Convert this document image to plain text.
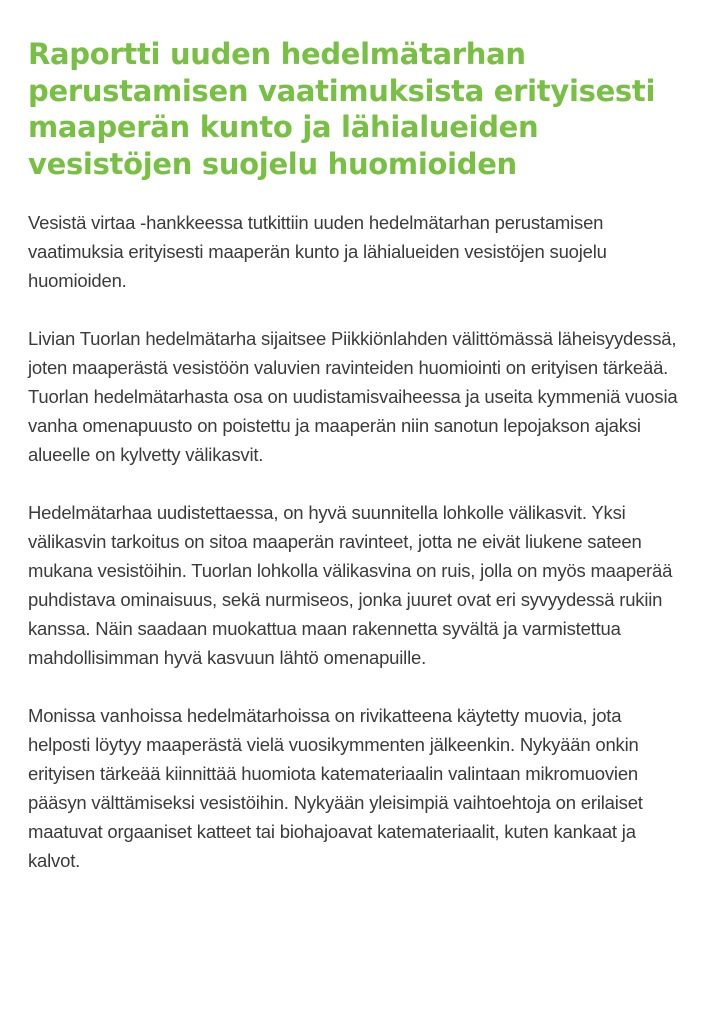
Raportti uuden hedelmätarhan perustamisen vaatimuksista erityisesti maaperän kunto ja lähialueiden vesistöjen suojelu huomioiden

Vesistä virtaa -hankkeessa tutkittiin uuden hedelmätarhan perustamisen vaatimuksia erityisesti maaperän kunto ja lähialueiden vesistöjen suojelu huomioiden.

Livian Tuorlan hedelmätarha sijaitsee Piikkiönlahden välittömässä läheisyydessä, joten maaperästä vesistöön valuvien ravinteiden huomiointi on erityisen tärkeää. Tuorlan hedelmätarhasta osa on uudistamisvaiheessa ja useita kymmeniä vuosia vanha omenapuusto on poistettu ja maaperän niin sanotun lepojakson ajaksi alueelle on kylvetty välikasvit.

Hedelmätarhaa uudistettaessa, on hyvä suunnitella lohkolle välikasvit. Yksi välikasvin tarkoitus on sitoa maaperän ravinteet, jotta ne eivät liukene sateen mukana vesistöihin. Tuorlan lohkolla välikasvina on ruis, jolla on myös maaperää puhdistava ominaisuus, sekä nurmiseos, jonka juuret ovat eri syvyydessä rukiin kanssa. Näin saadaan muokattua maan rakennetta syvältä ja varmistettua mahdollisimman hyvä kasvuun lähtö omenapuille.

Monissa vanhoissa hedelmätarhoissa on rivikatteena käytetty muovia, jota helposti löytyy maaperästä vielä vuosikymmenten jälkeenkin. Nykyään onkin erityisen tärkeää kiinnittää huomiota katemateriaalin valintaan mikromuovien pääsyn välttämiseksi vesistöihin. Nykyään yleisimpiä vaihtoehtoja on erilaiset maatuvat orgaaniset katteet tai biohajoavat katemateriaalit, kuten kankaat ja kalvot.
